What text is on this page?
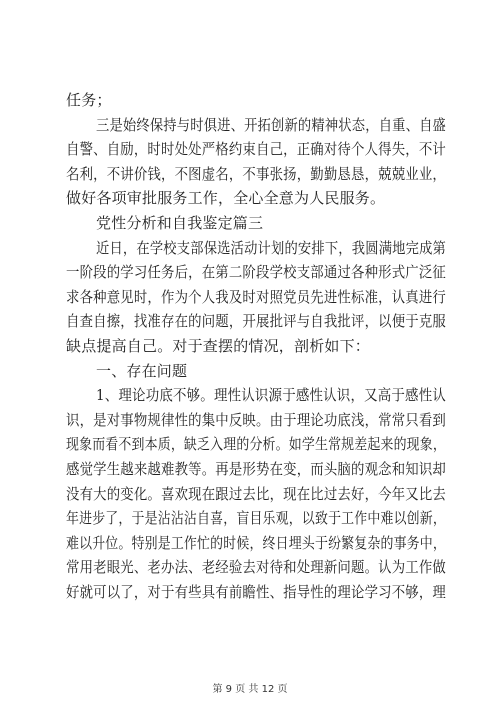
任务；
三是始终保持与时俱进、开拓创新的精神状态，自重、自盛
自警、自励，时时处处严格约束自己，正确对待个人得失，不计
名利，不讲价钱，不图虚名，不事张扬，勤勤恳恳，兢兢业业，
做好各项审批服务工作，全心全意为人民服务。
党性分析和自我鉴定篇三
近日，在学校支部保选活动计划的安排下，我圆满地完成第
一阶段的学习任务后，在第二阶段学校支部通过各种形式广泛征
求各种意见时，作为个人我及时对照党员先进性标准，认真进行
自查自擦，找准存在的问题，开展批评与自我批评，以便于克服
缺点提高自己。对于查摆的情况，剖析如下：
一、存在问题
1、理论功底不够。理性认识源于感性认识，又高于感性认
识，是对事物规律性的集中反映。由于理论功底浅，常常只看到
现象而看不到本质，缺乏入理的分析。如学生常规差起来的现象，
感觉学生越来越难教等。再是形势在变，而头脑的观念和知识却
没有大的变化。喜欢现在跟过去比，现在比过去好，今年又比去
年进步了，于是沾沾沾自喜，盲目乐观，以致于工作中难以创新，
难以升位。特别是工作忙的时候，终日埋头于纷繁复杂的事务中，
常用老眼光、老办法、老经验去对待和处理新问题。认为工作做
好就可以了，对于有些具有前瞻性、指导性的理论学习不够，理
第 9 页 共 12 页
